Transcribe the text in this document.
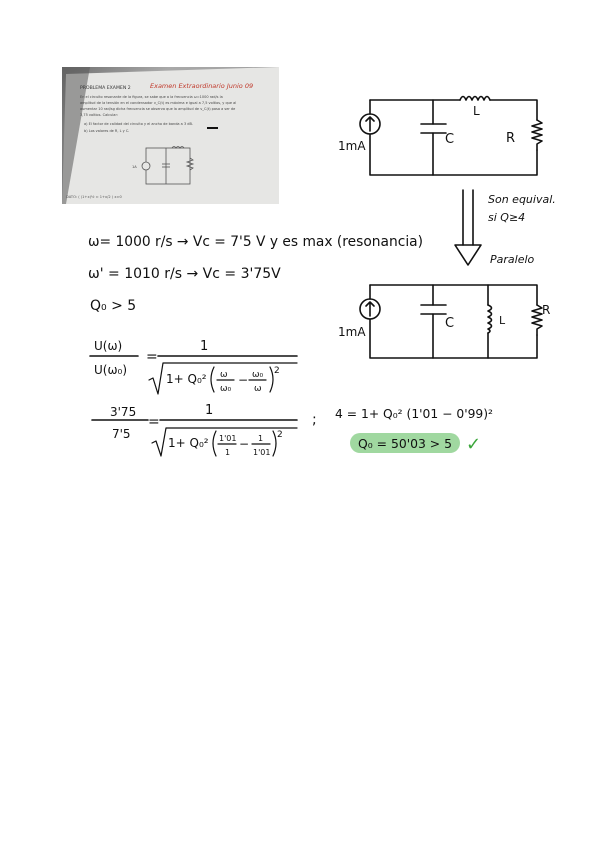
PROBLEMA EXAMEN 2	Examen Extraordinario Junio 09
En el circuito resonante de la figura, se sabe que a la frecuencia ω=1000 rad/s la
amplitud de la tensión en el condensador v_C(t) es máxima e igual a 7,5 voltios, y que al
aumentar 10 rad/sg dicha frecuencia se observa que la amplitud de v_C(t) pasa a ser de
3,75 voltios. Calcular:
a) El factor de calidad del circuito y el ancho de banda a 3 dB.
b) Los valores de R, L y C.
1A
DATO: ( (1+x)½ ≈ 1+x/2 ) x≈0
1mA	C
L
R
Son equival.
si Q≥4
Paralelo
1mA
C	L
R
ω= 1000 r/s → Vc = 7'5 V y es max (resonancia)
ω' = 1010 r/s → Vc = 3'75V
Q₀ > 5
U(ω)
U(ω₀)
=
1
1+ Q₀² ω
ω₀
− ω₀
ω
2
3'75
7'5
=
1
1+ Q₀² 1'01
1
− 1
1'01
2
; 4 = 1+ Q₀² (1'01 − 0'99)²
Q₀ = 50'03 > 5 ✓
